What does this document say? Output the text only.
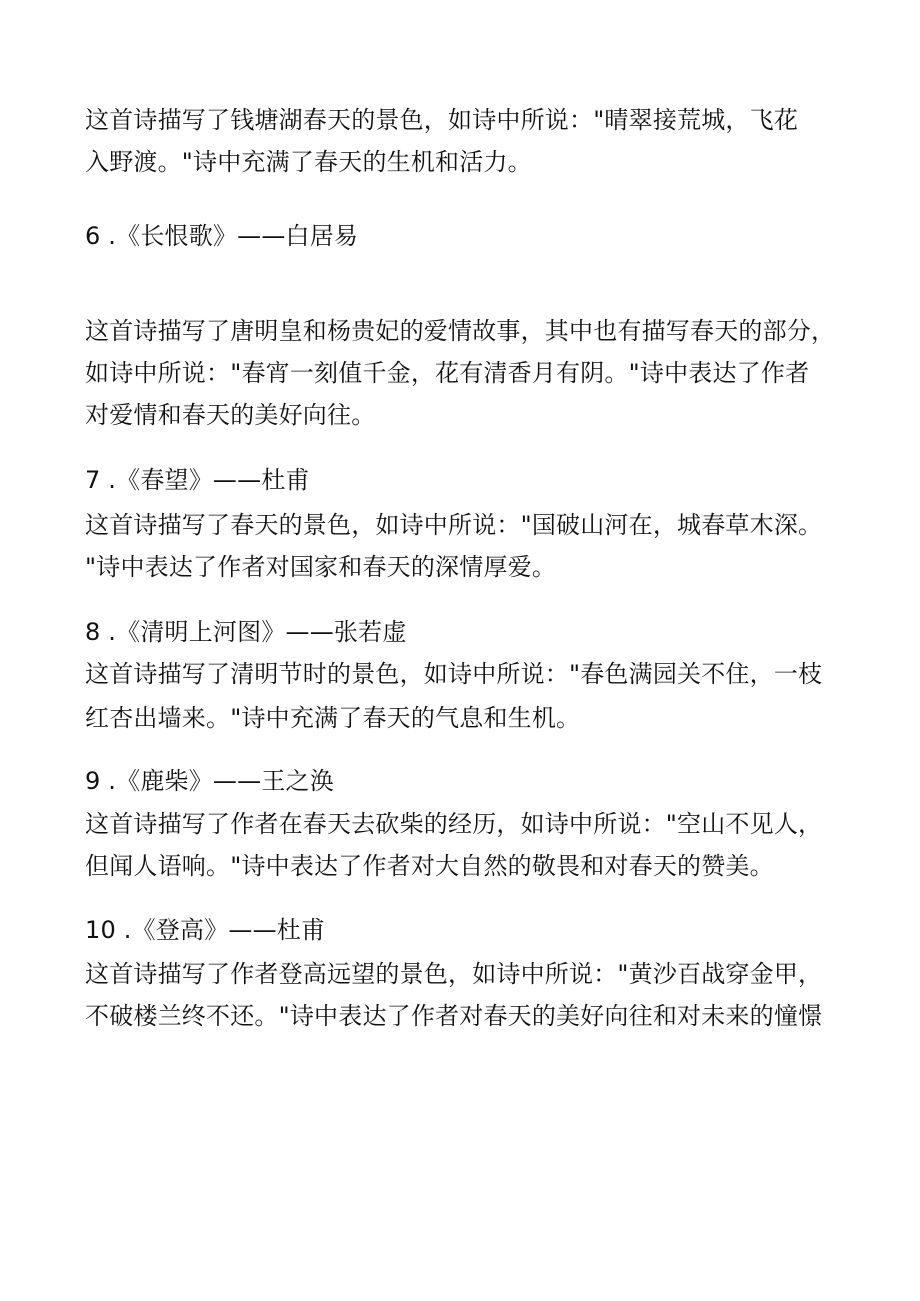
这首诗描写了钱塘湖春天的景色，如诗中所说："晴翠接荒城，飞花
入野渡。"诗中充满了春天的生机和活力。
6 .《长恨歌》——白居易
这首诗描写了唐明皇和杨贵妃的爱情故事，其中也有描写春天的部分，
如诗中所说："春宵一刻值千金，花有清香月有阴。"诗中表达了作者
对爱情和春天的美好向往。
7 .《春望》——杜甫
这首诗描写了春天的景色，如诗中所说："国破山河在，城春草木深。
"诗中表达了作者对国家和春天的深情厚爱。
8 .《清明上河图》——张若虚
这首诗描写了清明节时的景色，如诗中所说："春色满园关不住，一枝
红杏出墙来。"诗中充满了春天的气息和生机。
9 .《鹿柴》——王之涣
这首诗描写了作者在春天去砍柴的经历，如诗中所说："空山不见人，
但闻人语响。"诗中表达了作者对大自然的敬畏和对春天的赞美。
10 .《登高》——杜甫
这首诗描写了作者登高远望的景色，如诗中所说："黄沙百战穿金甲，
不破楼兰终不还。"诗中表达了作者对春天的美好向往和对未来的憧憬
